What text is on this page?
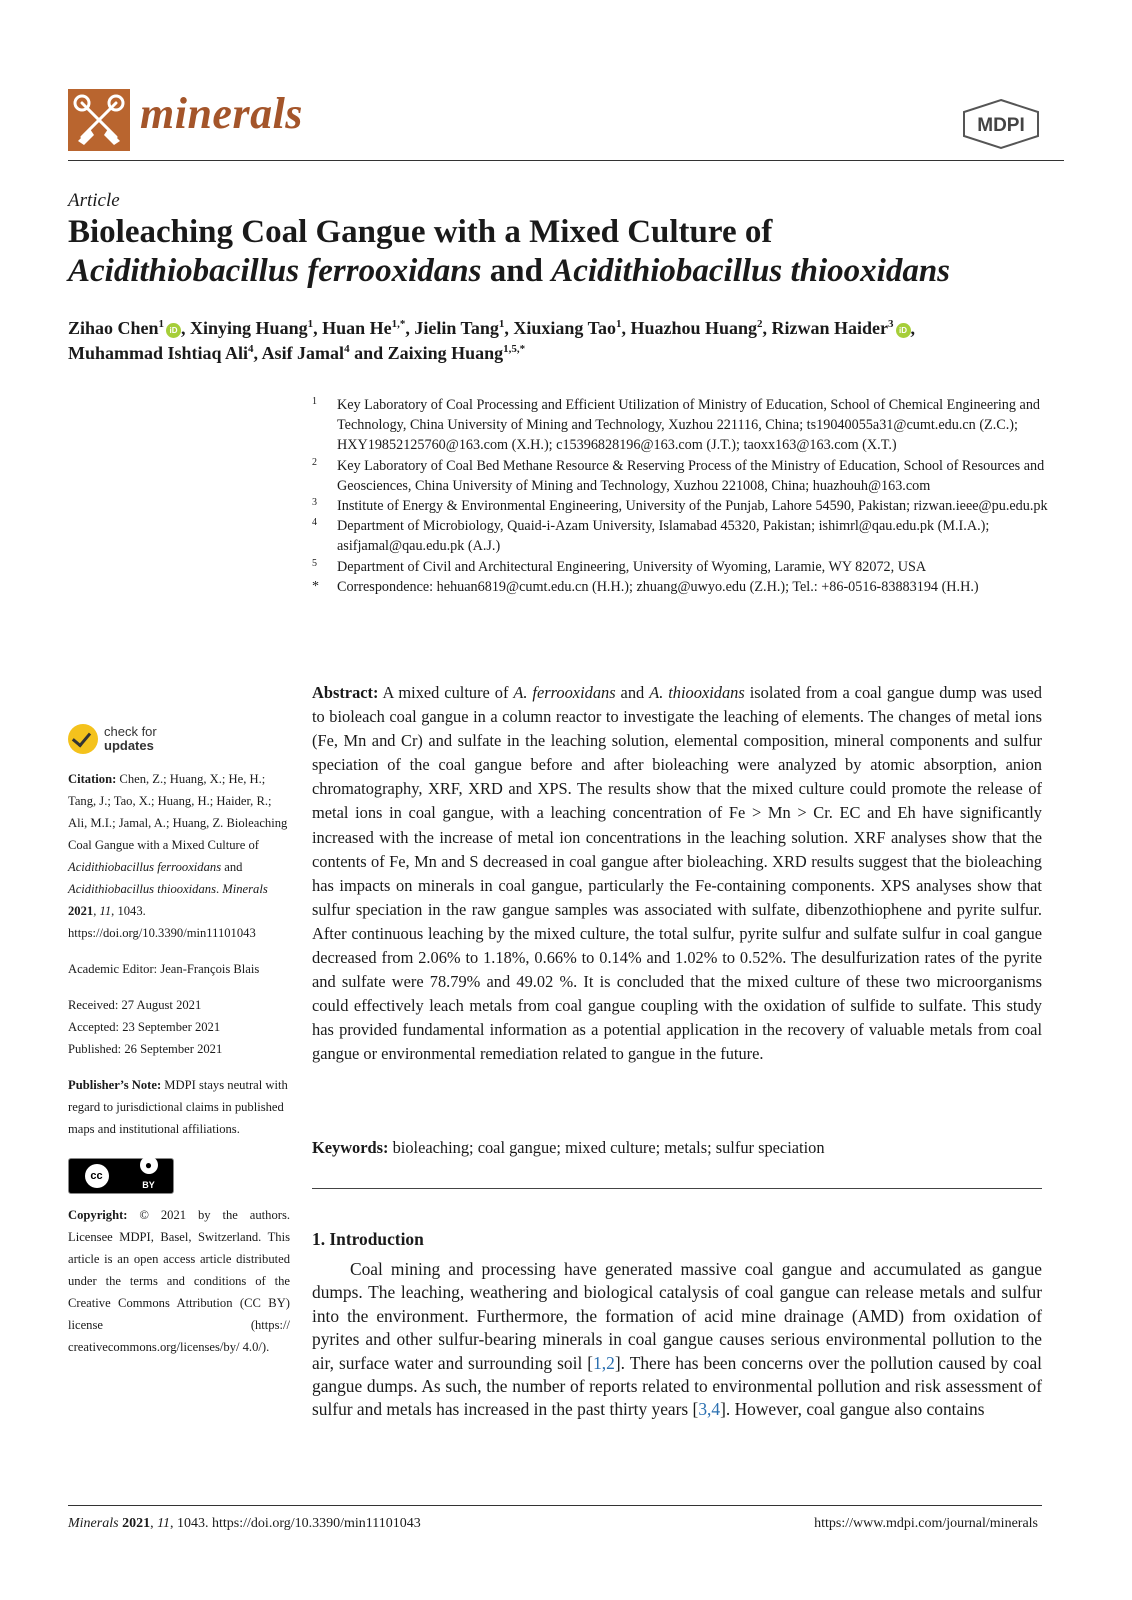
minerals	MDPI
Article
Bioleaching Coal Gangue with a Mixed Culture of
Acidithiobacillus ferrooxidans and Acidithiobacillus thiooxidans
Zihao Chen$^1$iD , Xinying Huang$^1$, Huan $He^{1,*}$, Jielin Tang$^1$, Xiuxiang Tao$^1$, Huazhou Huang$^2$, Rizwan Haider$^3$iD ,
Muhammad Ishtiaq Ali$^4$, Asif Jamal$^4$ and Zaixing Huang$^{1,5,*}$
1	Key Laboratory of Coal Processing and Efficient Utilization of Ministry of Education, School of Chemical Engineering and Technology, China University of Mining and Technology, Xuzhou 221116, China; ts19040055a31@cumt.edu.cn (Z.C.); HXY19852125760@163.com (X.H.); c15396828196@163.com (J.T.); taoxx163@163.com (X.T.)
2	Key Laboratory of Coal Bed Methane Resource & Reserving Process of the Ministry of Education, School of Resources and Geosciences, China University of Mining and Technology, Xuzhou 221008, China; huazhouh@163.com
3	Institute of Energy & Environmental Engineering, University of the Punjab, Lahore 54590, Pakistan; rizwan.ieee@pu.edu.pk
4	Department of Microbiology, Quaid-i-Azam University, Islamabad 45320, Pakistan; ishimrl@qau.edu.pk (M.I.A.); asifjamal@qau.edu.pk (A.J.)
5	Department of Civil and Architectural Engineering, University of Wyoming, Laramie, WY 82072, USA
*	Correspondence: hehuan6819@cumt.edu.cn (H.H.); zhuang@uwyo.edu (Z.H.); Tel.: +86-0516-83883194 (H.H.)
check for
updates
Citation: Chen, Z.; Huang, X.; He, H.; Tang, J.; Tao, X.; Huang, H.; Haider, R.; Ali, M.I.; Jamal, A.; Huang, Z. Bioleaching Coal Gangue with a Mixed Culture of Acidithiobacillus ferrooxidans and Acidithiobacillus thiooxidans. Minerals 2021, 11, 1043. https://doi.org/10.3390/min11101043
Academic Editor: Jean-François Blais
Received: 27 August 2021
Accepted: 23 September 2021
Published: 26 September 2021
Publisher’s Note: MDPI stays neutral with regard to jurisdictional claims in published maps and institutional affiliations.
cc
●
BY
Copyright: © 2021 by the authors. Licensee MDPI, Basel, Switzerland. This article is an open access article distributed under the terms and conditions of the Creative Commons Attribution (CC BY) license (https:// creativecommons.org/licenses/by/ 4.0/).
Abstract: A mixed culture of A. ferrooxidans and A. thiooxidans isolated from a coal gangue dump was used to bioleach coal gangue in a column reactor to investigate the leaching of elements. The changes of metal ions (Fe, Mn and Cr) and sulfate in the leaching solution, elemental composition, mineral components and sulfur speciation of the coal gangue before and after bioleaching were analyzed by atomic absorption, anion chromatography, XRF, XRD and XPS. The results show that the mixed culture could promote the release of metal ions in coal gangue, with a leaching concentration of Fe > Mn > Cr. EC and Eh have significantly increased with the increase of metal ion concentrations in the leaching solution. XRF analyses show that the contents of Fe, Mn and S decreased in coal gangue after bioleaching. XRD results suggest that the bioleaching has impacts on minerals in coal gangue, particularly the Fe-containing components. XPS analyses show that sulfur speciation in the raw gangue samples was associated with sulfate, dibenzothiophene and pyrite sulfur. After continuous leaching by the mixed culture, the total sulfur, pyrite sulfur and sulfate sulfur in coal gangue decreased from 2.06% to 1.18%, 0.66% to 0.14% and 1.02% to 0.52%. The desulfurization rates of the pyrite and sulfate were 78.79% and 49.02 %. It is concluded that the mixed culture of these two microorganisms could effectively leach metals from coal gangue coupling with the oxidation of sulfide to sulfate. This study has provided fundamental information as a potential application in the recovery of valuable metals from coal gangue or environmental remediation related to gangue in the future.
Keywords: bioleaching; coal gangue; mixed culture; metals; sulfur speciation
1. Introduction
Coal mining and processing have generated massive coal gangue and accumulated as gangue dumps. The leaching, weathering and biological catalysis of coal gangue can release metals and sulfur into the environment. Furthermore, the formation of acid mine drainage (AMD) from oxidation of pyrites and other sulfur-bearing minerals in coal gangue causes serious environmental pollution to the air, surface water and surrounding soil [1,2]. There has been concerns over the pollution caused by coal gangue dumps. As such, the number of reports related to environmental pollution and risk assessment of sulfur and metals has increased in the past thirty years [3,4]. However, coal gangue also contains
Minerals 2021, 11, 1043. https://doi.org/10.3390/min11101043	https://www.mdpi.com/journal/minerals
